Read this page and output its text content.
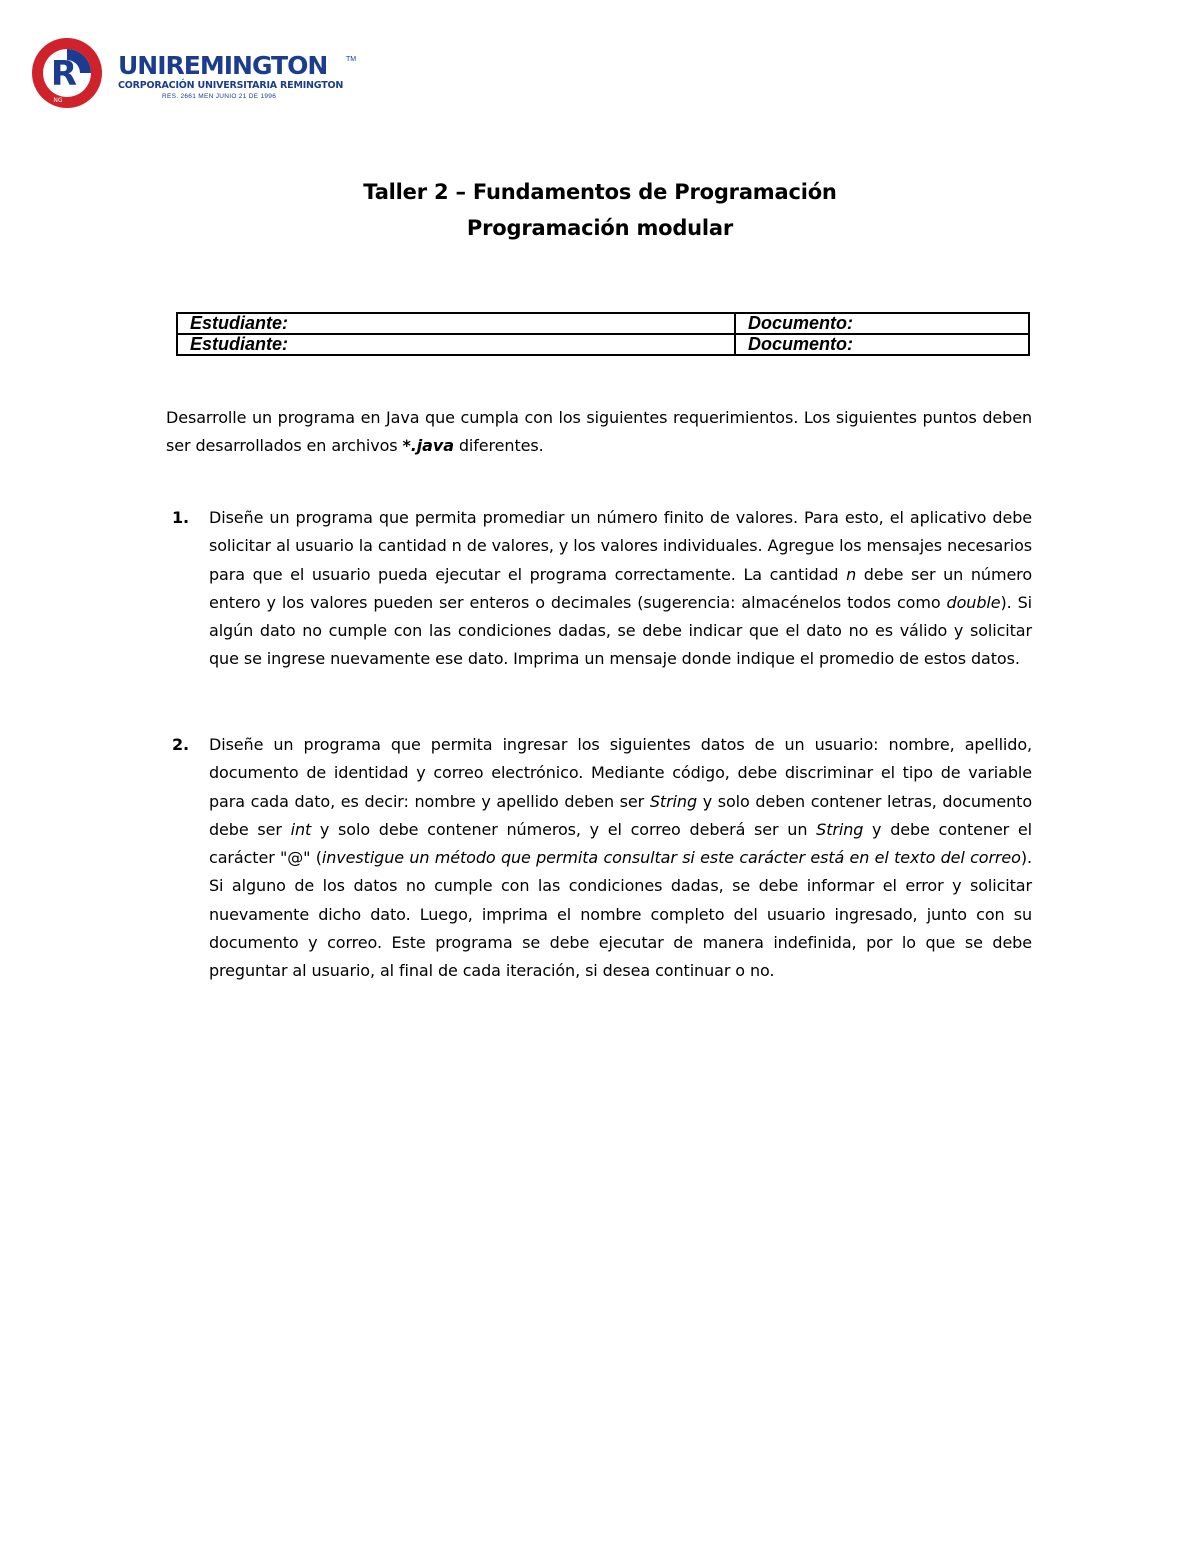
R
NG
UNIREMINGTON	TM
CORPORACIÓN UNIVERSITARIA REMINGTON
RES. 2661 MEN JUNIO 21 DE 1996
Taller 2 – Fundamentos de Programación
Programación modular
Estudiante:	Documento:
Estudiante:	Documento:
Desarrolle un programa en Java que cumpla con los siguientes requerimientos. Los siguientes puntos deben ser desarrollados en archivos *.java diferentes.
1. Diseñe un programa que permita promediar un número finito de valores. Para esto, el aplicativo debe solicitar al usuario la cantidad n de valores, y los valores individuales. Agregue los mensajes necesarios para que el usuario pueda ejecutar el programa correctamente. La cantidad n debe ser un número entero y los valores pueden ser enteros o decimales (sugerencia: almacénelos todos como double). Si algún dato no cumple con las condiciones dadas, se debe indicar que el dato no es válido y solicitar que se ingrese nuevamente ese dato. Imprima un mensaje donde indique el promedio de estos datos.
2. Diseñe un programa que permita ingresar los siguientes datos de un usuario: nombre, apellido, documento de identidad y correo electrónico. Mediante código, debe discriminar el tipo de variable para cada dato, es decir: nombre y apellido deben ser String y solo deben contener letras, documento debe ser int y solo debe contener números, y el correo deberá ser un String y debe contener el carácter "@" (investigue un método que permita consultar si este carácter está en el texto del correo). Si alguno de los datos no cumple con las condiciones dadas, se debe informar el error y solicitar nuevamente dicho dato. Luego, imprima el nombre completo del usuario ingresado, junto con su documento y correo. Este programa se debe ejecutar de manera indefinida, por lo que se debe preguntar al usuario, al final de cada iteración, si desea continuar o no.
